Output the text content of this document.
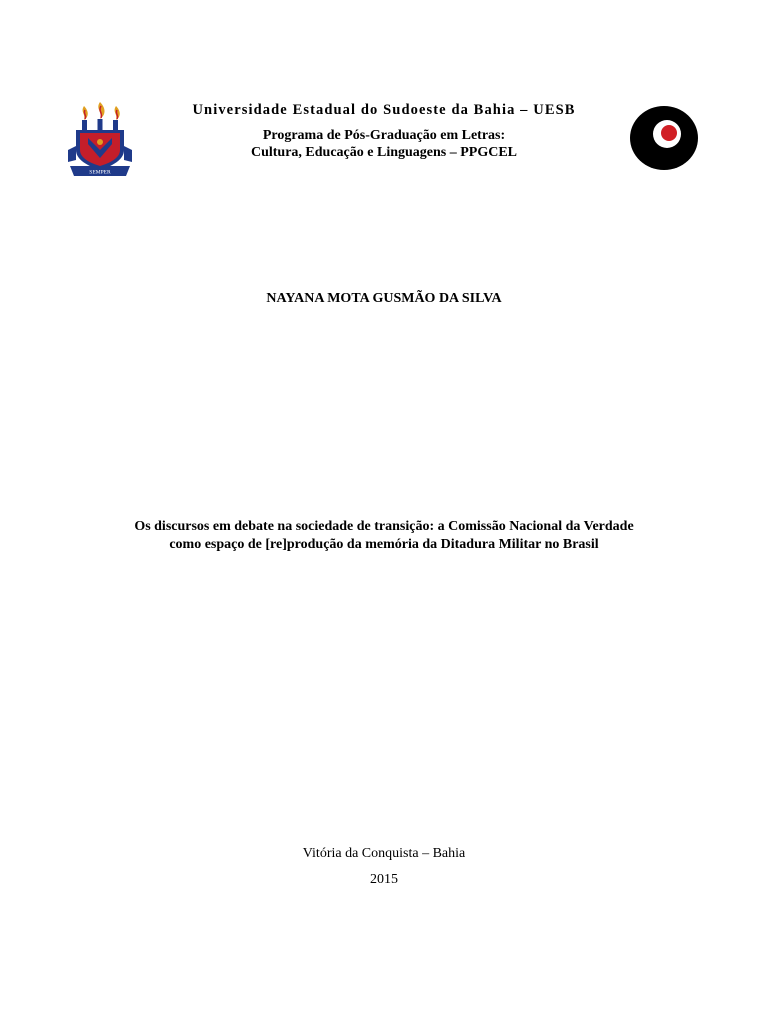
SEMPER
Universidade Estadual do Sudoeste da Bahia – UESB
Programa de Pós-Graduação em Letras:
Cultura, Educação e Linguagens – PPGCEL
NAYANA MOTA GUSMÃO DA SILVA
Os discursos em debate na sociedade de transição: a Comissão Nacional da Verdade
como espaço de [re]produção da memória da Ditadura Militar no Brasil
Vitória da Conquista – Bahia
2015
